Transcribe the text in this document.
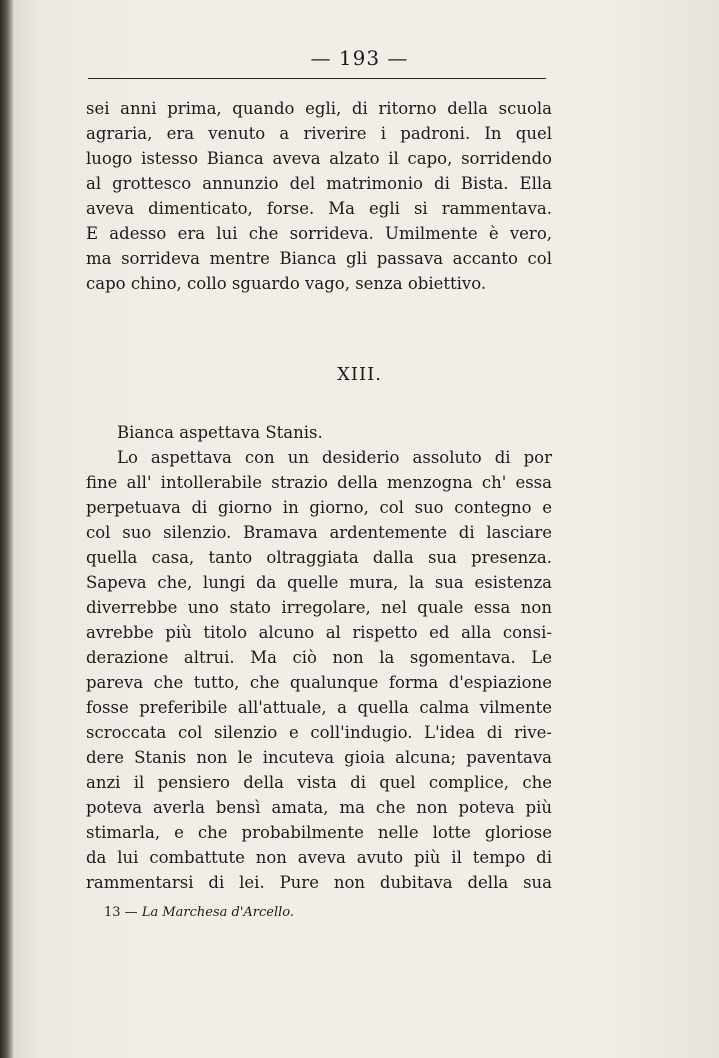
— 193 —
sei anni prima, quando egli, di ritorno della scuola
agraria, era venuto a riverire i padroni. In quel
luogo istesso Bianca aveva alzato il capo, sorridendo
al grottesco annunzio del matrimonio di Bista. Ella
aveva dimenticato, forse. Ma egli si rammentava.
E adesso era lui che sorrideva. Umilmente è vero,
ma sorrideva mentre Bianca gli passava accanto col
capo chino, collo sguardo vago, senza obiettivo.
XIII.
Bianca aspettava Stanis.
Lo aspettava con un desiderio assoluto di por
fine all' intollerabile strazio della menzogna ch' essa
perpetuava di giorno in giorno, col suo contegno e
col suo silenzio. Bramava ardentemente di lasciare
quella casa, tanto oltraggiata dalla sua presenza.
Sapeva che, lungi da quelle mura, la sua esistenza
diverrebbe uno stato irregolare, nel quale essa non
avrebbe più titolo alcuno al rispetto ed alla consi-
derazione altrui. Ma ciò non la sgomentava. Le
pareva che tutto, che qualunque forma d'espiazione
fosse preferibile all'attuale, a quella calma vilmente
scroccata col silenzio e coll'indugio. L'idea di rive-
dere Stanis non le incuteva gioia alcuna; paventava
anzi il pensiero della vista di quel complice, che
poteva averla bensì amata, ma che non poteva più
stimarla, e che probabilmente nelle lotte gloriose
da lui combattute non aveva avuto più il tempo di
rammentarsi di lei. Pure non dubitava della sua
13 — La Marchesa d'Arcello.
